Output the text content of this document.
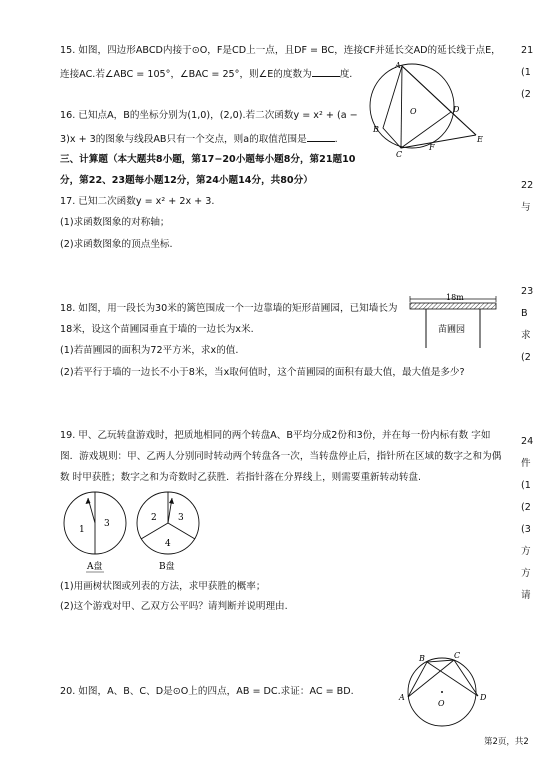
15. 如图，四边形ABCD内接于⊙O，F是CD上一点，且DF = BC，连接CF并延长交AD的延长线于点E，
连接AC.若∠ABC = 105°，∠BAC = 25°，则∠E的度数为	度.
A
D
O
B
C
F
E
16. 已知点A，B的坐标分别为(1,0)，(2,0).若二次函数y = x² + (a −
3)x + 3的图象与线段AB只有一个交点，则a的取值范围是	.
三、计算题（本大题共8小题，第17−20小题每小题8分，第21题10
分，第22、23题每小题12分，第24小题14分，共80分）
17. 已知二次函数y = x² + 2x + 3.
(1)求函数图象的对称轴；
(2)求函数图象的顶点坐标.
18. 如图，用一段长为30米的篱笆围成一个一边靠墙的矩形苗圃园，已知墙长为
18米，设这个苗圃园垂直于墙的一边长为x米.
(1)若苗圃园的面积为72平方米，求x的值.
(2)若平行于墙的一边长不小于8米，当x取何值时，这个苗圃园的面积有最大值，最大值是多少?
18m
苗圃园
19. 甲、乙玩转盘游戏时，把质地相同的两个转盘A、B平均分成2份和3份，并在每一份内标有数 字如
图．游戏规则：甲、乙两人分别同时转动两个转盘各一次，当转盘停止后，指针所在区域的数字之和为偶
数 时甲获胜；数字之和为奇数时乙获胜．若指针落在分界线上，则需要重新转动转盘.
1
3
A盘
2 3
4
B盘
(1)用画树状图或列表的方法，求甲获胜的概率；
(2)这个游戏对甲、乙双方公平吗？请判断并说明理由.
20. 如图，A、B、C、D是⊙O上的四点，AB = DC.求证：AC = BD.
B	C
A	D
O
21
(1
(2
22
与
23
B
求
(2
24
件
(1
(2
(3
方
方
请
第2页，共2
